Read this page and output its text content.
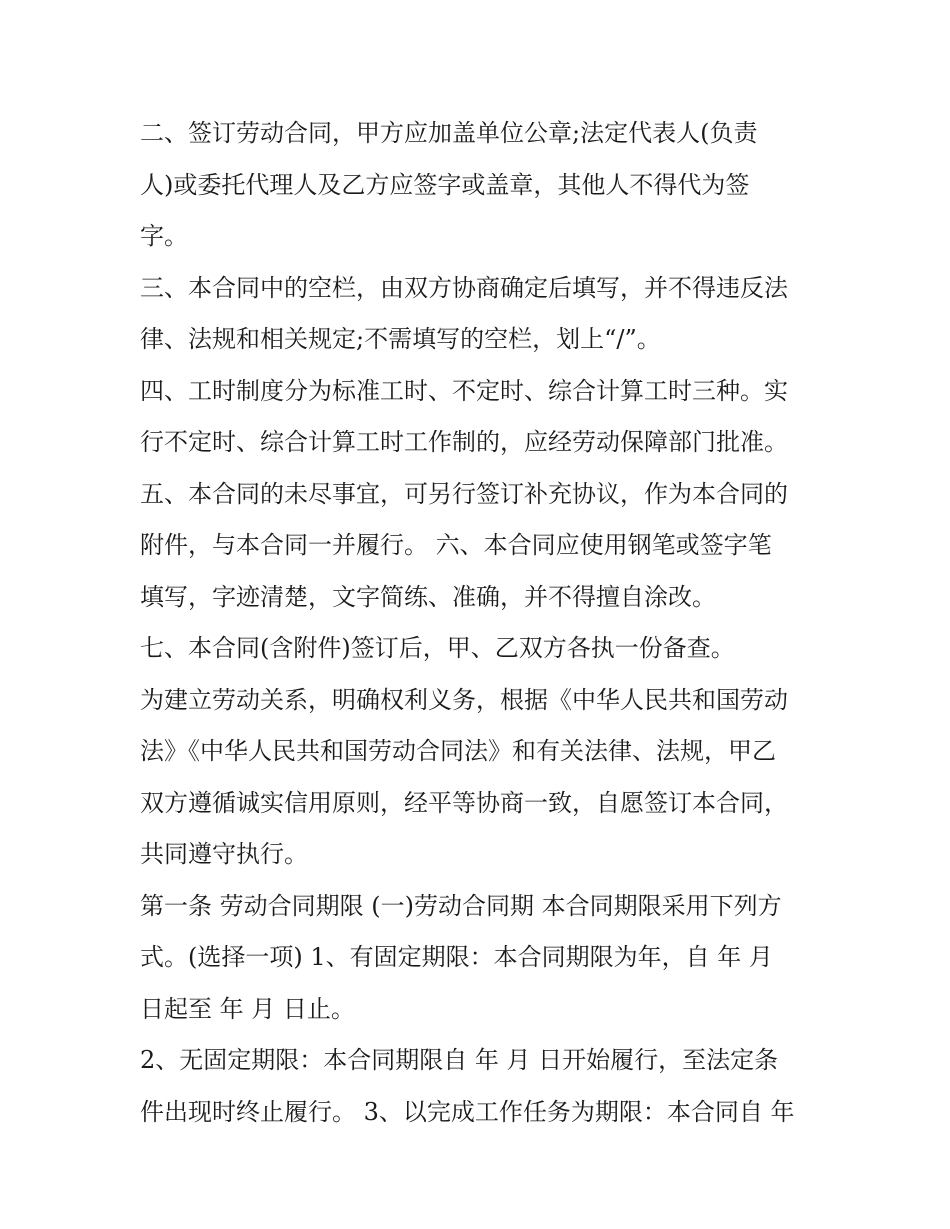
二、签订劳动合同，甲方应加盖单位公章;法定代表人(负责
人)或委托代理人及乙方应签字或盖章，其他人不得代为签
字。
三、本合同中的空栏，由双方协商确定后填写，并不得违反法
律、法规和相关规定;不需填写的空栏，划上“/”。
四、工时制度分为标准工时、不定时、综合计算工时三种。实
行不定时、综合计算工时工作制的，应经劳动保障部门批准。
五、本合同的未尽事宜，可另行签订补充协议，作为本合同的
附件，与本合同一并履行。 六、本合同应使用钢笔或签字笔
填写，字迹清楚，文字简练、准确，并不得擅自涂改。
七、本合同(含附件)签订后，甲、乙双方各执一份备查。
为建立劳动关系，明确权利义务，根据《中华人民共和国劳动
法》《中华人民共和国劳动合同法》和有关法律、法规，甲乙
双方遵循诚实信用原则，经平等协商一致，自愿签订本合同，
共同遵守执行。
第一条 劳动合同期限 (一)劳动合同期 本合同期限采用下列方
式。(选择一项) 1、有固定期限：本合同期限为年，自 年 月
日起至 年 月 日止。
2、无固定期限：本合同期限自 年 月 日开始履行，至法定条
件出现时终止履行。 3、以完成工作任务为期限：本合同自 年
